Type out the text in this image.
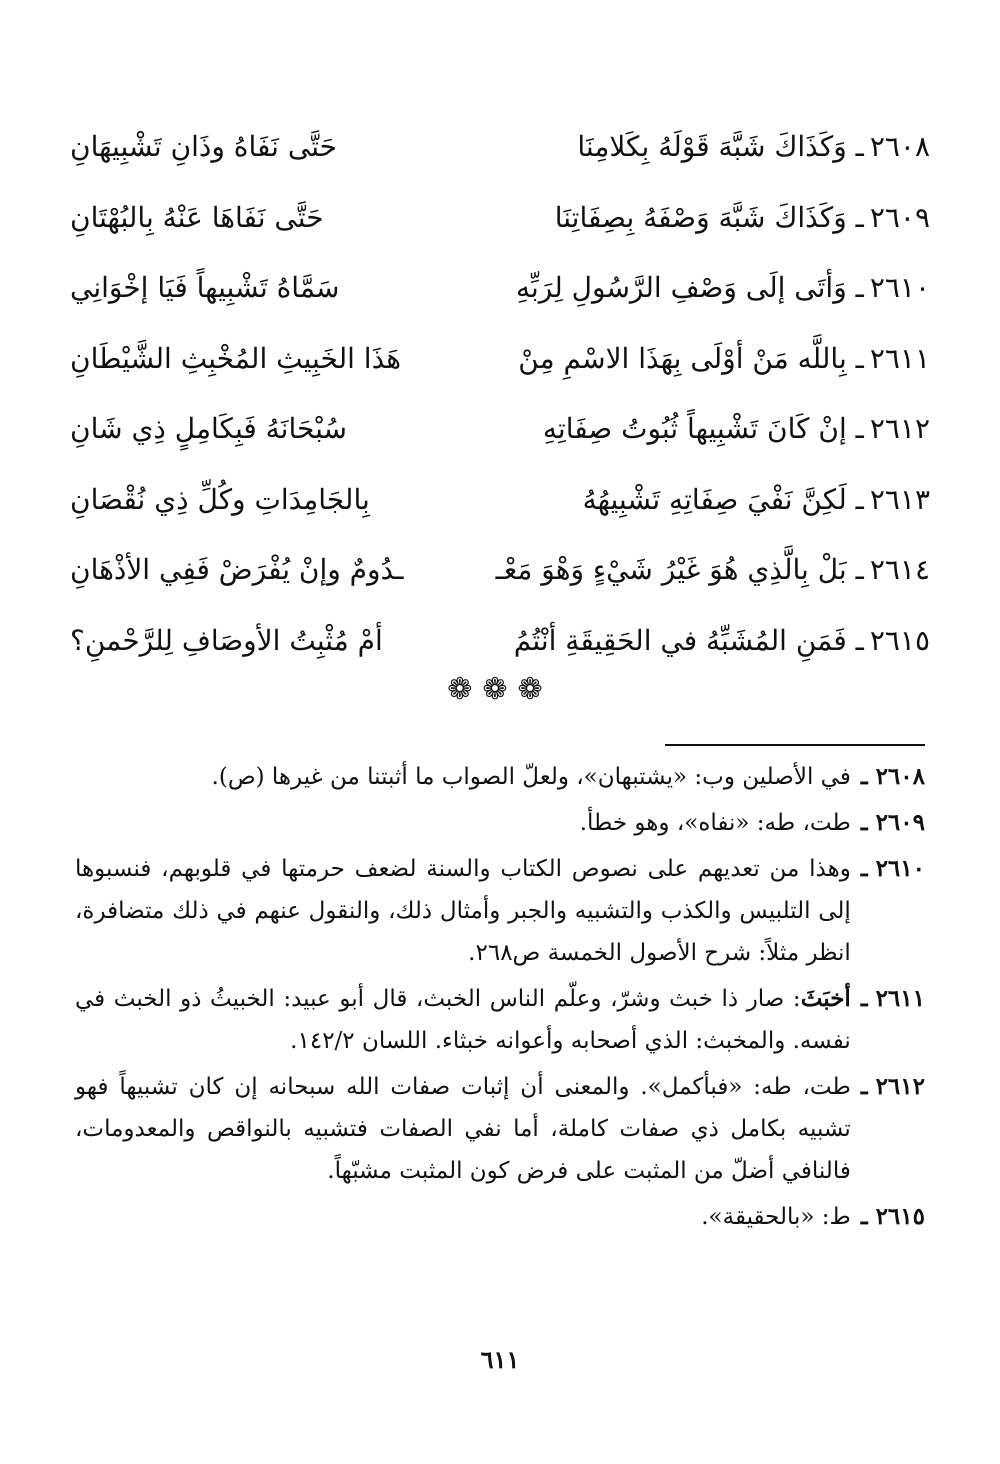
٢٦٠٨ـ وَكَذَاكَ شَبَّهَ قَوْلَهُ بِكَلامِنَا
حَتَّى نَفَاهُ وذَانِ تَشْبِيهَانِ
٢٦٠٩ـ وَكَذَاكَ شَبَّهَ وَصْفَهُ بِصِفَاتِنَا
حَتَّى نَفَاهَا عَنْهُ بِالبُهْتَانِ
٢٦١٠ـ وَأتَى إلَى وَصْفِ الرَّسُولِ لِرَبِّهِ
سَمَّاهُ تَشْبِيهاً فَيَا إخْوَانِي
٢٦١١ـ بِاللَّه مَنْ أوْلَى بِهَذَا الاسْمِ مِنْ
هَذَا الخَبِيثِ المُخْبِثِ الشَّيْطَانِ
٢٦١٢ـ إنْ كَانَ تَشْبِيهاً ثُبُوتُ صِفَاتِهِ
سُبْحَانَهُ فَبِكَامِلٍ ذِي شَانِ
٢٦١٣ـ لَكِنَّ نَفْيَ صِفَاتِهِ تَشْبِيهُهُ
بِالجَامِدَاتِ وكُلِّ ذِي نُقْصَانِ
٢٦١٤ـ بَلْ بِالَّذِي هُوَ غَيْرُ شَيْءٍ وَهْوَ مَعْـ
ـدُومٌ وإنْ يُفْرَضْ فَفِي الأذْهَانِ
٢٦١٥ـ فَمَنِ المُشَبِّهُ في الحَقِيقَةِ أنْتُمُ
أمْ مُثْبِتُ الأوصَافِ لِلرَّحْمنِ؟
❁❁❁
٢٦٠٨ ـ
في الأصلين وب: «يشتبهان»، ولعلّ الصواب ما أثبتنا من غيرها (ص).
٢٦٠٩ ـ
طت، طه: «نفاه»، وهو خطأ.
٢٦١٠ ـ
وهذا من تعديهم على نصوص الكتاب والسنة لضعف حرمتها في قلوبهم، فنسبوها إلى التلبيس والكذب والتشبيه والجبر وأمثال ذلك، والنقول عنهم في ذلك متضافرة، انظر مثلاً: شرح الأصول الخمسة ص٢٦٨.
٢٦١١ ـ
أخبَثَ: صار ذا خبث وشرّ، وعلّم الناس الخبث، قال أبو عبيد: الخبيثُ ذو الخبث في نفسه. والمخبث: الذي أصحابه وأعوانه خبثاء. اللسان ١٤٢/٢.
٢٦١٢ ـ
طت، طه: «فبأكمل». والمعنى أن إثبات صفات الله سبحانه إن كان تشبيهاً فهو تشبيه بكامل ذي صفات كاملة، أما نفي الصفات فتشبيه بالنواقص والمعدومات، فالنافي أضلّ من المثبت على فرض كون المثبت مشبّهاً.
٢٦١٥ ـ
ط: «بالحقيقة».
٦١١
